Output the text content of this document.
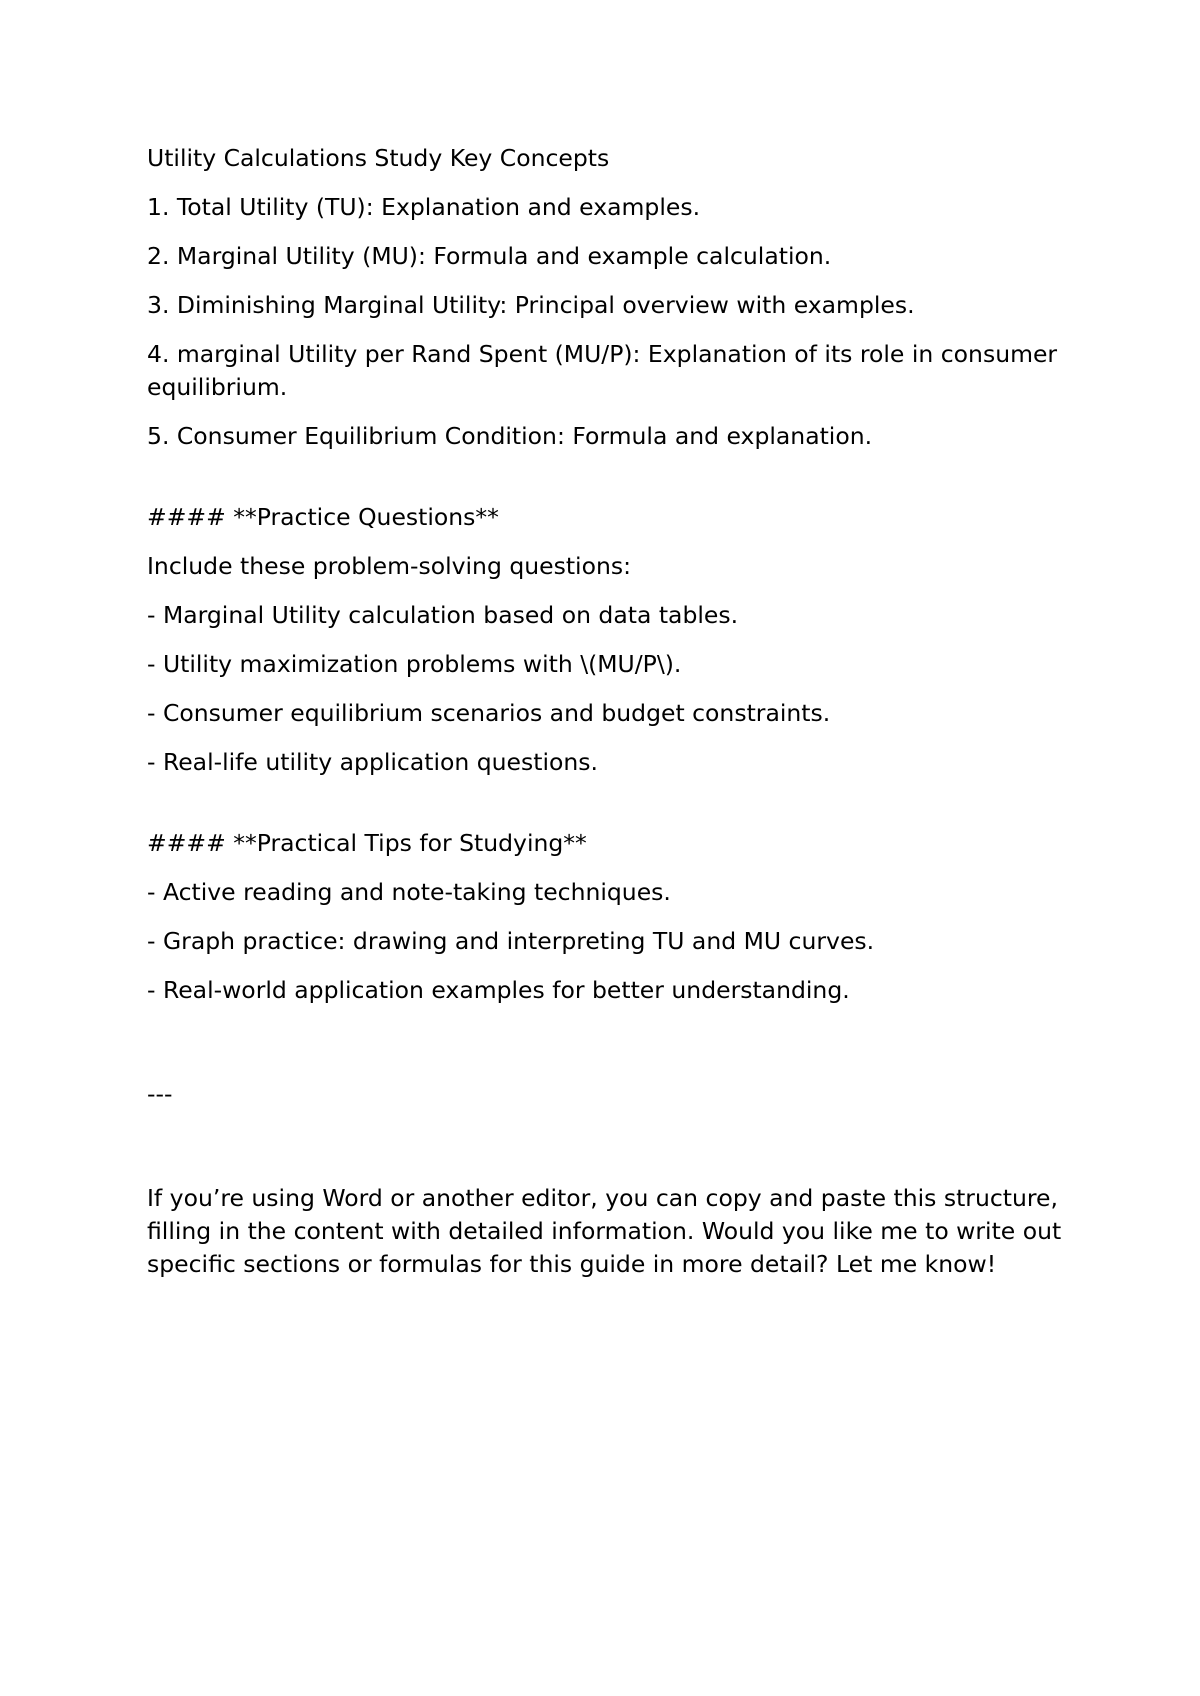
Utility Calculations Study Key Concepts

1. Total Utility (TU): Explanation and examples.

2. Marginal Utility (MU): Formula and example calculation.

3. Diminishing Marginal Utility: Principal overview with examples.

4. marginal Utility per Rand Spent (MU/P): Explanation of its role in consumer equilibrium.

5. Consumer Equilibrium Condition: Formula and explanation.

#### **Practice Questions**

Include these problem-solving questions:

- Marginal Utility calculation based on data tables.

- Utility maximization problems with \(MU/P\).

- Consumer equilibrium scenarios and budget constraints.

- Real-life utility application questions.

#### **Practical Tips for Studying**

- Active reading and note-taking techniques.

- Graph practice: drawing and interpreting TU and MU curves.

- Real-world application examples for better understanding.

---

If you’re using Word or another editor, you can copy and paste this structure, filling in the content with detailed information. Would you like me to write out specific sections or formulas for this guide in more detail? Let me know!
